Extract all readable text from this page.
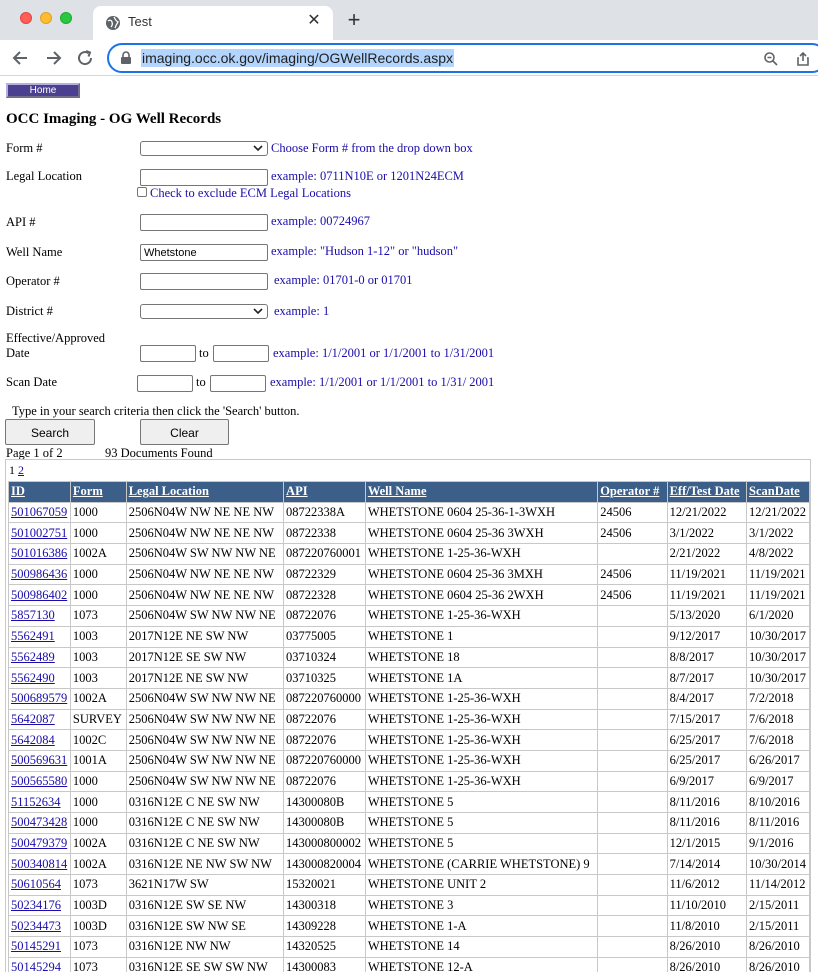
Test	✕ +
imaging.occ.ok.gov/imaging/OGWellRecords.aspx
Home
OCC Imaging - OG Well Records
Form #	Choose Form # from the drop down box
Legal Location	example: 0711N10E or 1201N24ECM
Check to exclude ECM Legal Locations
API #	example: 00724967
Well Name
Whetstone	example: "Hudson 1-12" or "hudson"
Operator #	example: 01701-0 or 01701
District #	example: 1
Effective/Approved
Date	to	example: 1/1/2001 or 1/1/2001 to 1/31/2001
Scan Date	to	example: 1/1/2001 or 1/1/2001 to 1/31/ 2001
Type in your search criteria then click the 'Search' button.
Search	Clear
Page 1 of 2	93 Documents Found
1 2
ID	Form	Legal Location	API	Well Name	Operator #	Eff/Test Date	ScanDate
501067059	1000	2506N04W NW NE NE NW	08722338A	WHETSTONE 0604 25-36-1-3WXH	24506	12/21/2022	12/21/2022
501002751	1000	2506N04W NW NE NE NW	08722338	WHETSTONE 0604 25-36 3WXH	24506	3/1/2022	3/1/2022
501016386	1002A	2506N04W SW NW NW NE	087220760001	WHETSTONE 1-25-36-WXH		2/21/2022	4/8/2022
500986436	1000	2506N04W NW NE NE NW	08722329	WHETSTONE 0604 25-36 3MXH	24506	11/19/2021	11/19/2021
500986402	1000	2506N04W NW NE NE NW	08722328	WHETSTONE 0604 25-36 2WXH	24506	11/19/2021	11/19/2021
5857130	1073	2506N04W SW NW NW NE	08722076	WHETSTONE 1-25-36-WXH		5/13/2020	6/1/2020
5562491	1003	2017N12E NE SW NW	03775005	WHETSTONE 1		9/12/2017	10/30/2017
5562489	1003	2017N12E SE SW NW	03710324	WHETSTONE 18		8/8/2017	10/30/2017
5562490	1003	2017N12E NE SW NW	03710325	WHETSTONE 1A		8/7/2017	10/30/2017
500689579	1002A	2506N04W SW NW NW NE	087220760000	WHETSTONE 1-25-36-WXH		8/4/2017	7/2/2018
5642087	SURVEY	2506N04W SW NW NW NE	08722076	WHETSTONE 1-25-36-WXH		7/15/2017	7/6/2018
5642084	1002C	2506N04W SW NW NW NE	08722076	WHETSTONE 1-25-36-WXH		6/25/2017	7/6/2018
500569631	1001A	2506N04W SW NW NW NE	087220760000	WHETSTONE 1-25-36-WXH		6/25/2017	6/26/2017
500565580	1000	2506N04W SW NW NW NE	08722076	WHETSTONE 1-25-36-WXH		6/9/2017	6/9/2017
51152634	1000	0316N12E C NE SW NW	14300080B	WHETSTONE 5		8/11/2016	8/10/2016
500473428	1000	0316N12E C NE SW NW	14300080B	WHETSTONE 5		8/11/2016	8/11/2016
500479379	1002A	0316N12E C NE SW NW	143000800002	WHETSTONE 5		12/1/2015	9/1/2016
500340814	1002A	0316N12E NE NW SW NW	143000820004	WHETSTONE (CARRIE WHETSTONE) 9		7/14/2014	10/30/2014
50610564	1073	3621N17W SW	15320021	WHETSTONE UNIT 2		11/6/2012	11/14/2012
50234176	1003D	0316N12E SW SE NW	14300318	WHETSTONE 3		11/10/2010	2/15/2011
50234473	1003D	0316N12E SW NW SE	14309228	WHETSTONE 1-A		11/8/2010	2/15/2011
50145291	1073	0316N12E NW NW	14320525	WHETSTONE 14		8/26/2010	8/26/2010
50145294	1073	0316N12E SE SW SW NW	14300083	WHETSTONE 12-A		8/26/2010	8/26/2010
